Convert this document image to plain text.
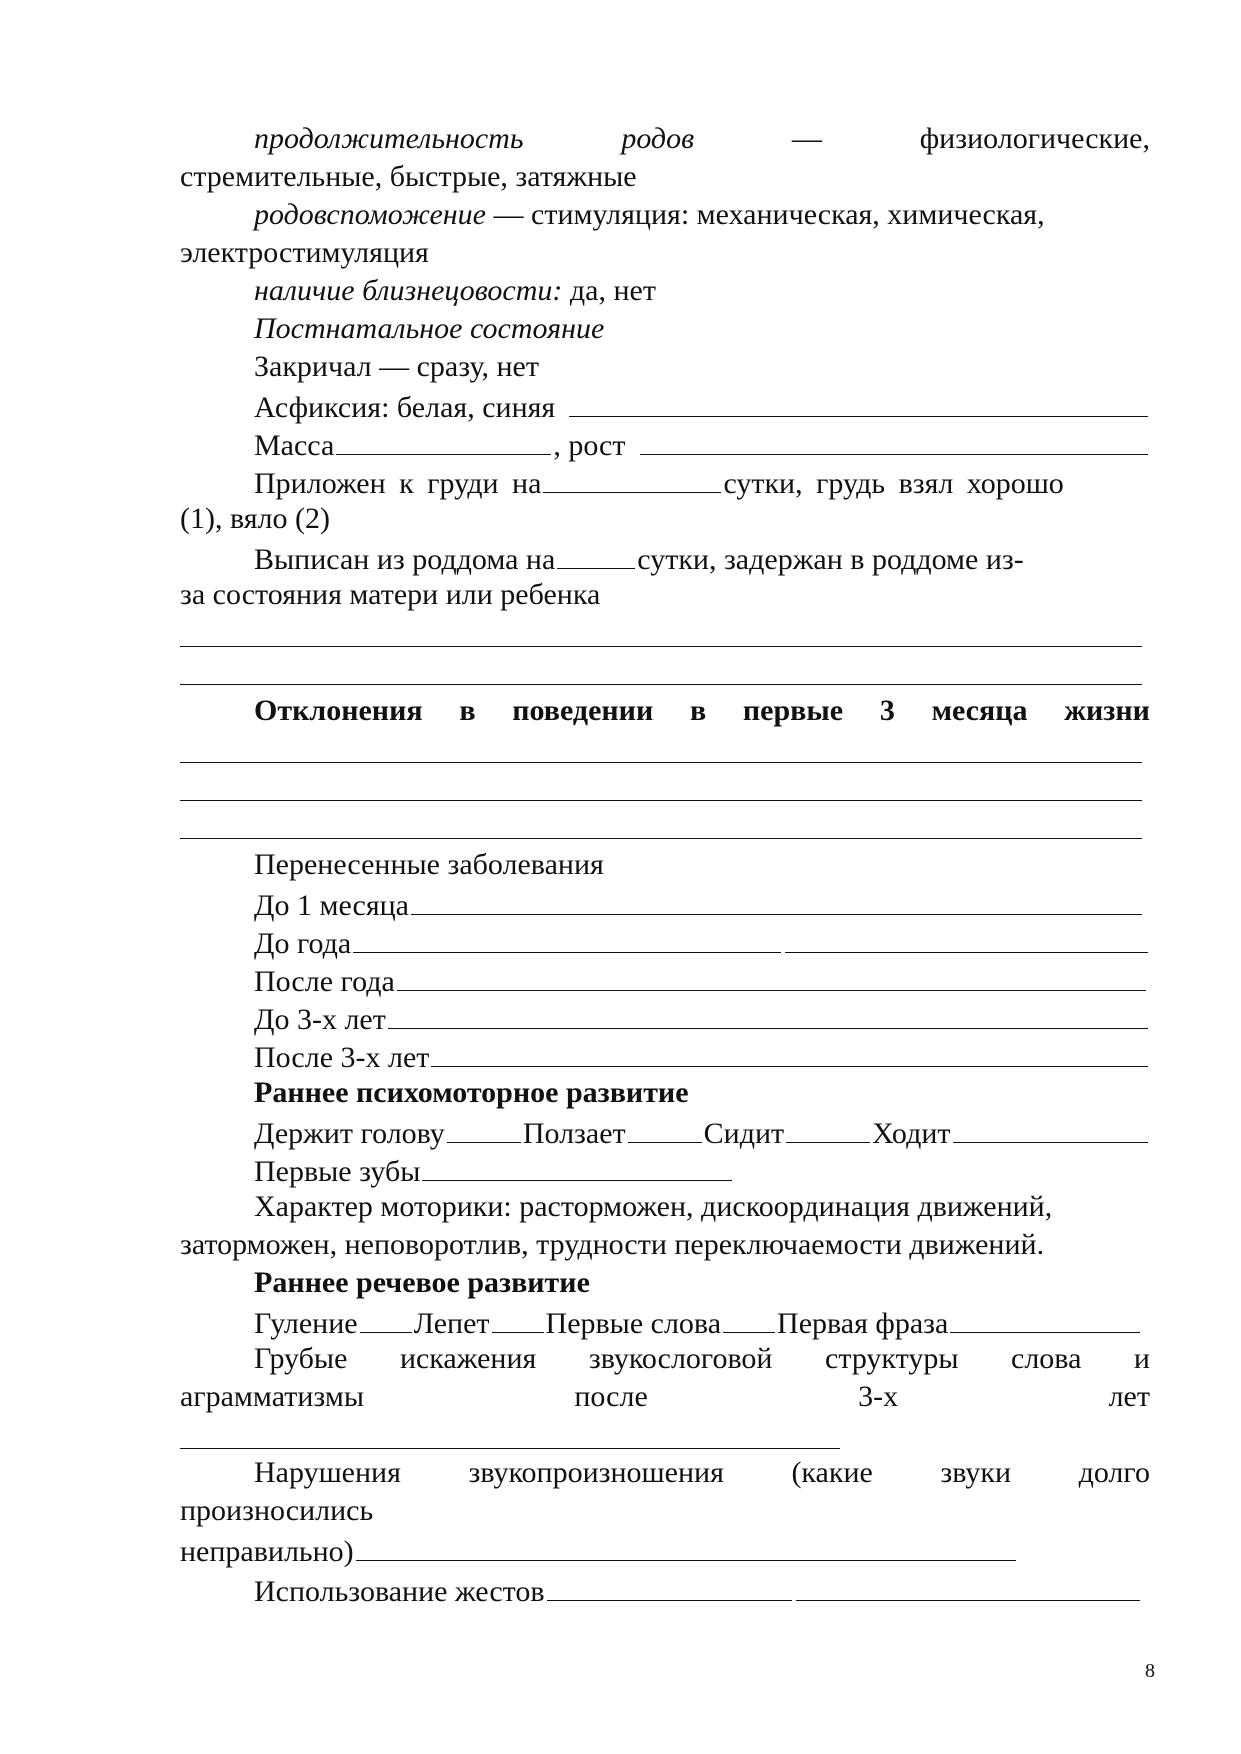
продолжительность	родов	—	физиологические,
стремительные, быстрые, затяжные
родовспоможение — стимуляция: механическая, химическая,
электростимуляция
наличие близнецовости: да, нет
Постнатальное состояние
Закричал — сразу, нет
Асфиксия: белая, синяя
Масса	, рост
Приложен к груди на	сутки, грудь взял хорошо
(1), вяло (2)
Выписан из роддома на	сутки, задержан в роддоме из-
за состояния матери или ребенка
Отклонения в поведении в первые 3 месяца жизни
Перенесенные заболевания
До 1 месяца
До года
После года
До 3-х лет
После 3-х лет
Раннее психомоторное развитие
Держит голову	Ползает	Сидит	Ходит
Первые зубы
Характер моторики: расторможен, дискоординация движений,
заторможен, неповоротлив, трудности переключаемости движений.
Раннее речевое развитие
Гуление Лепет Первые слова Первая фраза
Грубые искажения звукослоговой структуры слова и
аграмматизмы	после	3-х	лет
Нарушения звукопроизношения (какие звуки долго
произносились
неправильно)
Использование жестов
8
